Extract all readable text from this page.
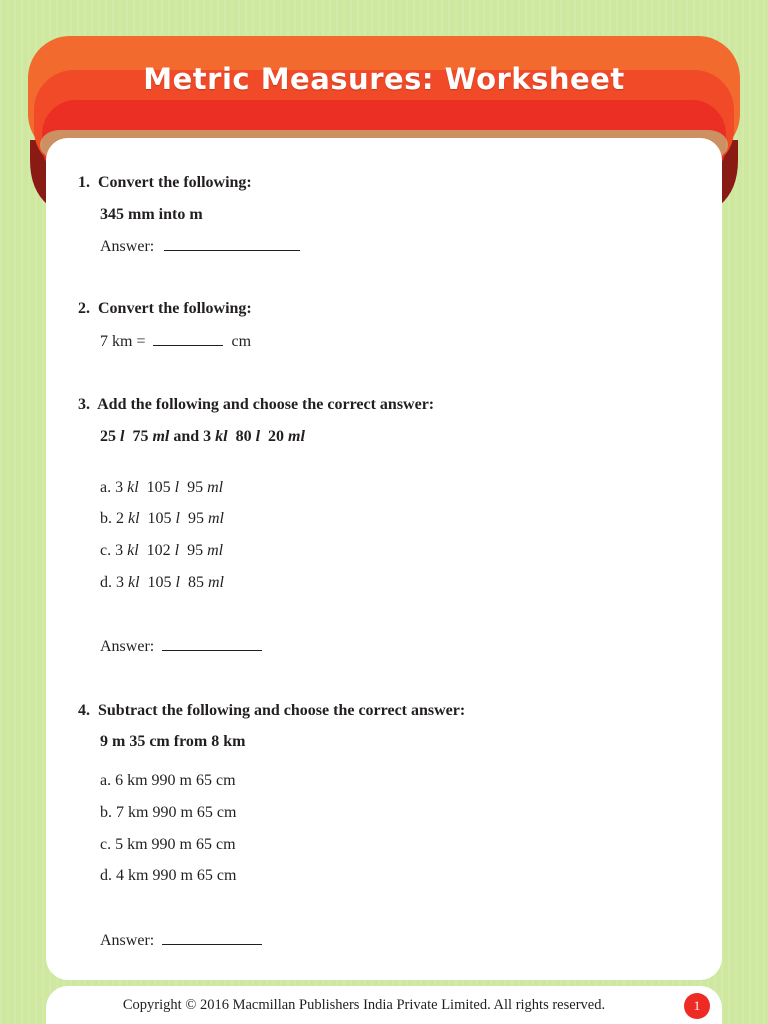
Metric Measures: Worksheet
1. Convert the following:
345 mm into m
Answer:
2. Convert the following:
7 km =	cm
3. Add the following and choose the correct answer:
25 l  75 ml and 3 kl  80 l  20 ml
a. 3 kl  105 l  95 ml
b. 2 kl  105 l  95 ml
c. 3 kl  102 l  95 ml
d. 3 kl  105 l  85 ml
Answer:
4. Subtract the following and choose the correct answer:
9 m 35 cm from 8 km
a. 6 km 990 m 65 cm
b. 7 km 990 m 65 cm
c. 5 km 990 m 65 cm
d. 4 km 990 m 65 cm
Answer:
Copyright © 2016 Macmillan Publishers India Private Limited. All rights reserved.	1
